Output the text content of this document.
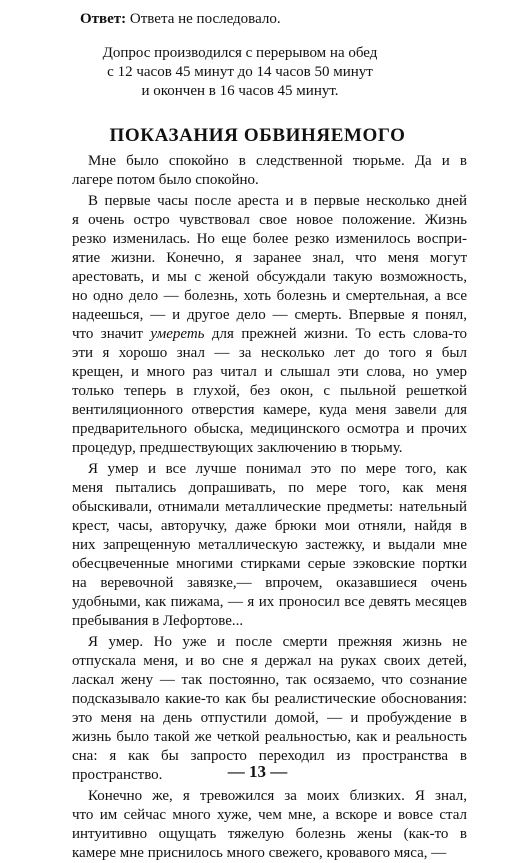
Ответ: Ответа не последовало.
Допрос производился с перерывом на обед
с 12 часов 45 минут до 14 часов 50 минут
и окончен в 16 часов 45 минут.
ПОКАЗАНИЯ ОБВИНЯЕМОГО
Мне было спокойно в следственной тюрьме. Да и в
лагере потом было спокойно.
В первые часы после ареста и в первые несколько дней
я очень остро чувствовал свое новое положение. Жизнь
резко изменилась. Но еще более резко изменилось воспри-
ятие жизни. Конечно, я заранее знал, что меня могут
арестовать, и мы с женой обсуждали такую возможность,
но одно дело — болезнь, хоть болезнь и смертельная, а все
надеешься, — и другое дело — смерть. Впервые я понял,
что значит умереть для прежней жизни. То есть слова-то
эти я хорошо знал — за несколько лет до того я был
крещен, и много раз читал и слышал эти слова, но умер
только теперь в глухой, без окон, с пыльной решеткой
вентиляционного отверстия камере, куда меня завели для
предварительного обыска, медицинского осмотра и прочих
процедур, предшествующих заключению в тюрьму.
Я умер и все лучше понимал это по мере того, как
меня пытались допрашивать, по мере того, как меня
обыскивали, отнимали металлические предметы: нательный
крест, часы, авторучку, даже брюки мои отняли, найдя в
них запрещенную металлическую застежку, и выдали мне
обесцвеченные многими стирками серые зэковские портки
на веревочной завязке,— впрочем, оказавшиеся очень
удобными, как пижама, — я их проносил все девять месяцев
пребывания в Лефортове...
Я умер. Но уже и после смерти прежняя жизнь не
отпускала меня, и во сне я держал на руках своих детей,
ласкал жену — так постоянно, так осязаемо, что сознание
подсказывало какие-то как бы реалистические обоснования:
это меня на день отпустили домой, — и пробуждение в
жизнь было такой же четкой реальностью, как и реальность
сна: я как бы запросто переходил из пространства в
пространство.
Конечно же, я тревожился за моих близких. Я знал,
что им сейчас много хуже, чем мне, а вскоре и вовсе стал
интуитивно ощущать тяжелую болезнь жены (как-то в
камере мне приснилось много свежего, кровавого мяса, —
— 13 —
